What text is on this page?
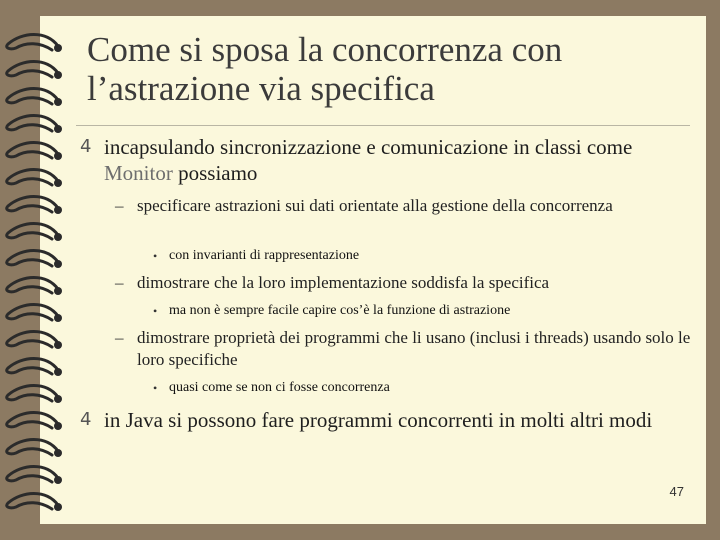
Come si sposa la concorrenza con l’astrazione via specifica
4 incapsulando sincronizzazione e comunicazione in classi come Monitor possiamo
– specificare astrazioni sui dati orientate alla gestione della concorrenza
• con invarianti di rappresentazione
– dimostrare che la loro implementazione soddisfa la specifica
• ma non è sempre facile capire cos’è la funzione di astrazione
– dimostrare proprietà dei programmi che li usano (inclusi i threads) usando solo le loro specifiche
• quasi come se non ci fosse concorrenza
4 in Java si possono fare programmi concorrenti in molti altri modi
47
